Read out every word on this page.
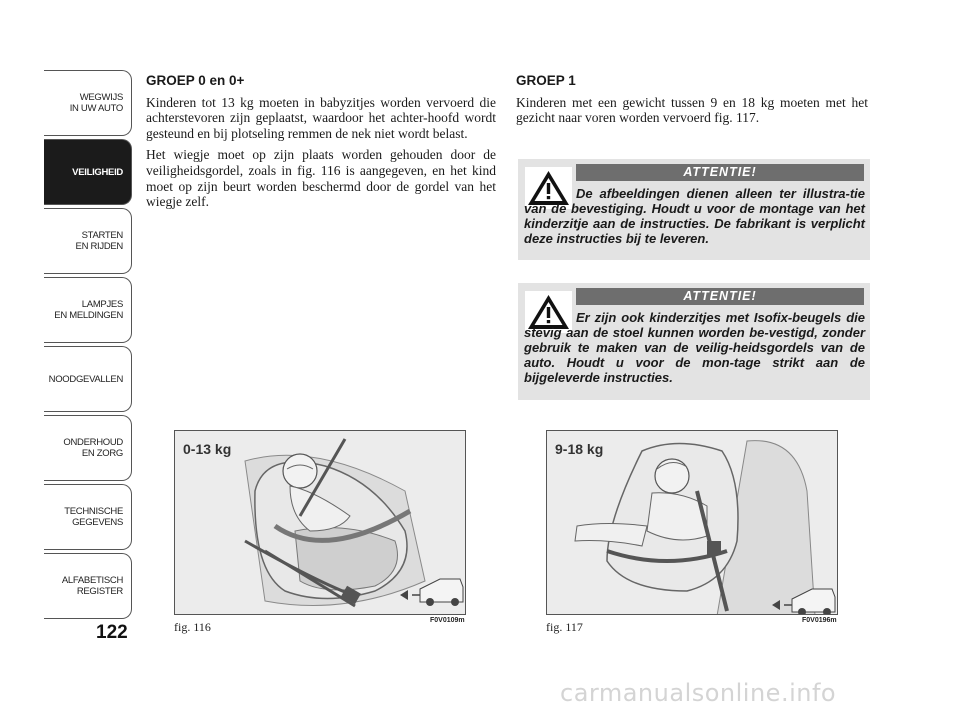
WEGWIJS
IN UW AUTO
VEILIGHEID
STARTEN
EN RIJDEN
LAMPJES
EN MELDINGEN
NOODGEVALLEN
ONDERHOUD
EN ZORG
TECHNISCHE
GEGEVENS
ALFABETISCH
REGISTER
122
GROEP 0 en 0+

Kinderen tot 13 kg moeten in babyzitjes worden vervoerd die achterstevoren zijn geplaatst, waardoor het achter-hoofd wordt gesteund en bij plotseling remmen de nek niet wordt belast.

Het wiegje moet op zijn plaats worden gehouden door de veiligheidsgordel, zoals in fig. 116 is aangegeven, en het kind moet op zijn beurt worden beschermd door de gordel van het wiegje zelf.

GROEP 1

Kinderen met een gewicht tussen 9 en 18 kg moeten met het gezicht naar voren worden vervoerd fig. 117.

ATTENTIE!
De afbeeldingen dienen alleen ter illustra-tie van de bevestiging. Houdt u voor de montage van het kinderzitje aan de instructies. De fabrikant is verplicht deze instructies bij te leveren.
ATTENTIE!
Er zijn ook kinderzitjes met Isofix-beugels die stevig aan de stoel kunnen worden be-vestigd, zonder gebruik te maken van de veilig-heidsgordels van de auto. Houdt u voor de mon-tage strikt aan de bijgeleverde instructies.
0-13 kg
fig. 116	F0V0109m
9-18 kg
fig. 117	F0V0196m
carmanualsonline.info
